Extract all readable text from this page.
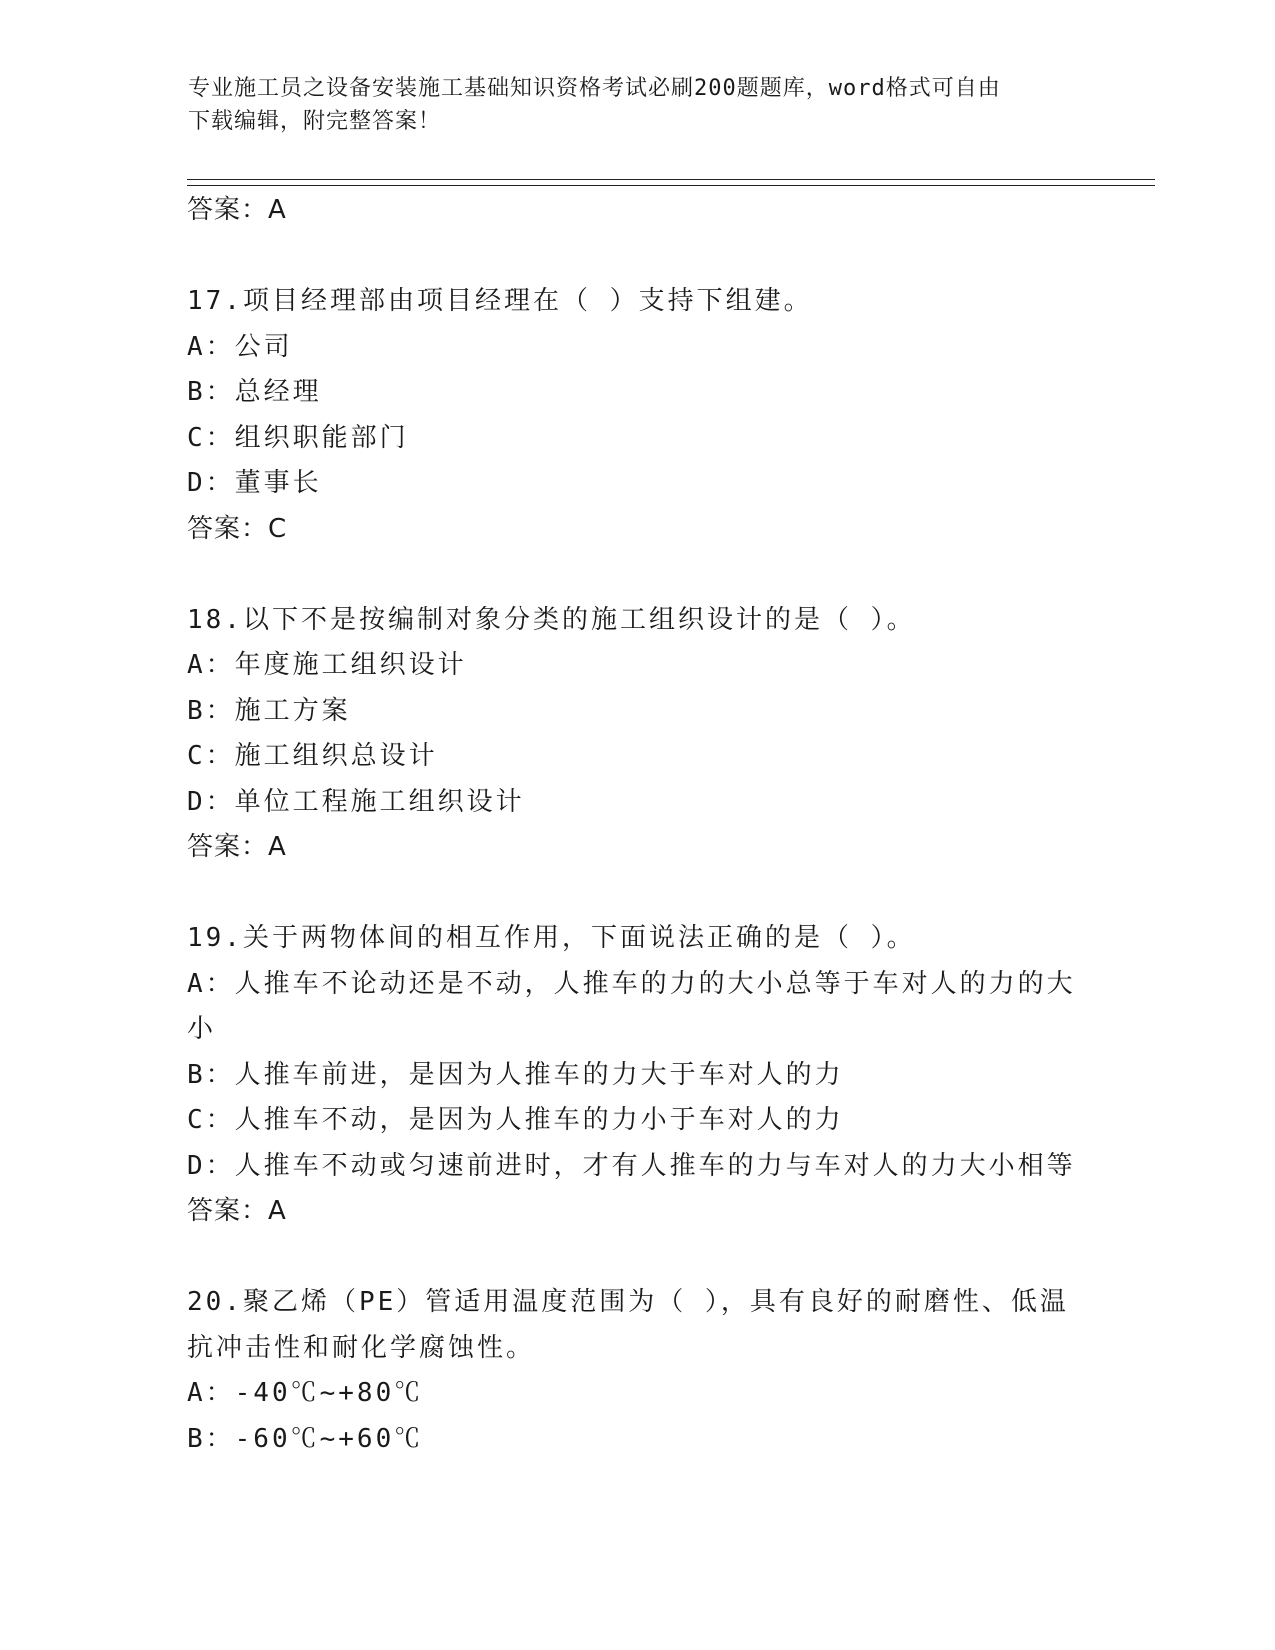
专业施工员之设备安装施工基础知识资格考试必刷200题题库，word格式可自由
下载编辑，附完整答案！
答案：A
17.项目经理部由项目经理在（ ）支持下组建。
A：公司
B：总经理
C：组织职能部门
D：董事长
答案：C
18.以下不是按编制对象分类的施工组织设计的是（ ）。
A：年度施工组织设计
B：施工方案
C：施工组织总设计
D：单位工程施工组织设计
答案：A
19.关于两物体间的相互作用，下面说法正确的是（ ）。
A：人推车不论动还是不动，人推车的力的大小总等于车对人的力的大
小
B：人推车前进，是因为人推车的力大于车对人的力
C：人推车不动，是因为人推车的力小于车对人的力
D：人推车不动或匀速前进时，才有人推车的力与车对人的力大小相等
答案：A
20.聚乙烯（PE）管适用温度范围为（ ），具有良好的耐磨性、低温
抗冲击性和耐化学腐蚀性。
A：-40℃~+80℃
B：-60℃~+60℃
